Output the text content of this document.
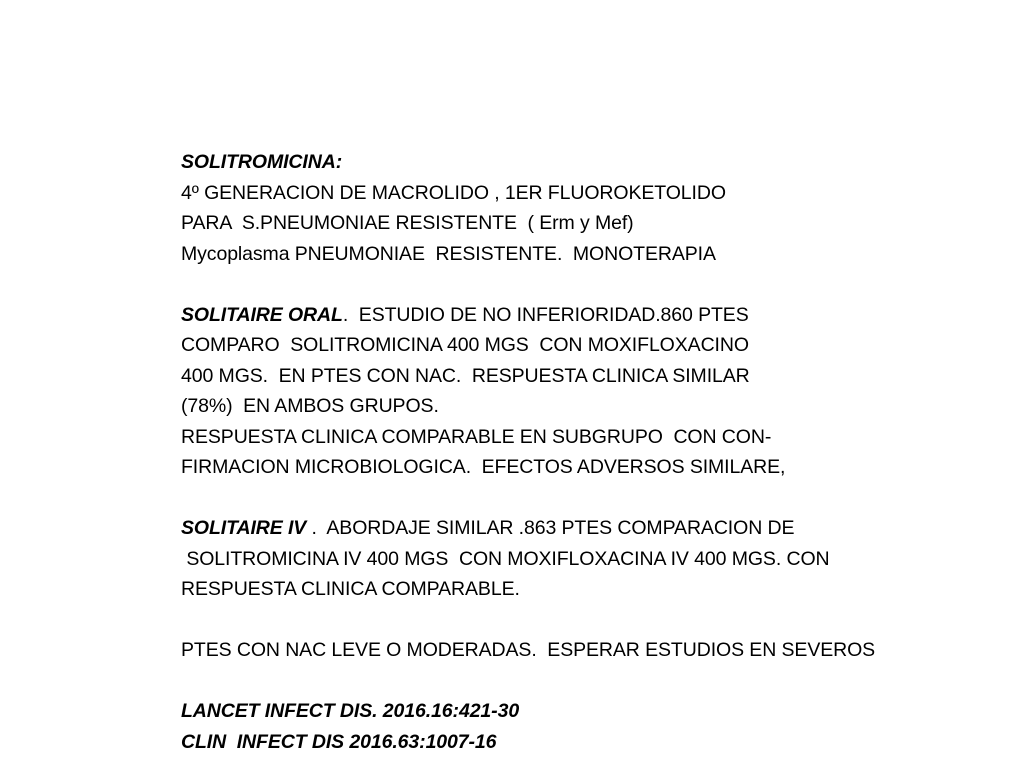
SOLITROMICINA:
4º GENERACION DE MACROLIDO , 1ER FLUOROKETOLIDO
PARA  S.PNEUMONIAE RESISTENTE  ( Erm y Mef)
Mycoplasma PNEUMONIAE  RESISTENTE.  MONOTERAPIA
SOLITAIRE ORAL.  ESTUDIO DE NO INFERIORIDAD.860 PTES
COMPARO  SOLITROMICINA 400 MGS  CON MOXIFLOXACINO
400 MGS.  EN PTES CON NAC.  RESPUESTA CLINICA SIMILAR
(78%)  EN AMBOS GRUPOS.
RESPUESTA CLINICA COMPARABLE EN SUBGRUPO  CON CON-
FIRMACION MICROBIOLOGICA.  EFECTOS ADVERSOS SIMILARE,
SOLITAIRE IV .  ABORDAJE SIMILAR .863 PTES COMPARACION DE
SOLITROMICINA IV 400 MGS  CON MOXIFLOXACINA IV 400 MGS. CON
RESPUESTA CLINICA COMPARABLE.
PTES CON NAC LEVE O MODERADAS.  ESPERAR ESTUDIOS EN SEVEROS
LANCET INFECT DIS. 2016.16:421-30
CLIN  INFECT DIS 2016.63:1007-16
